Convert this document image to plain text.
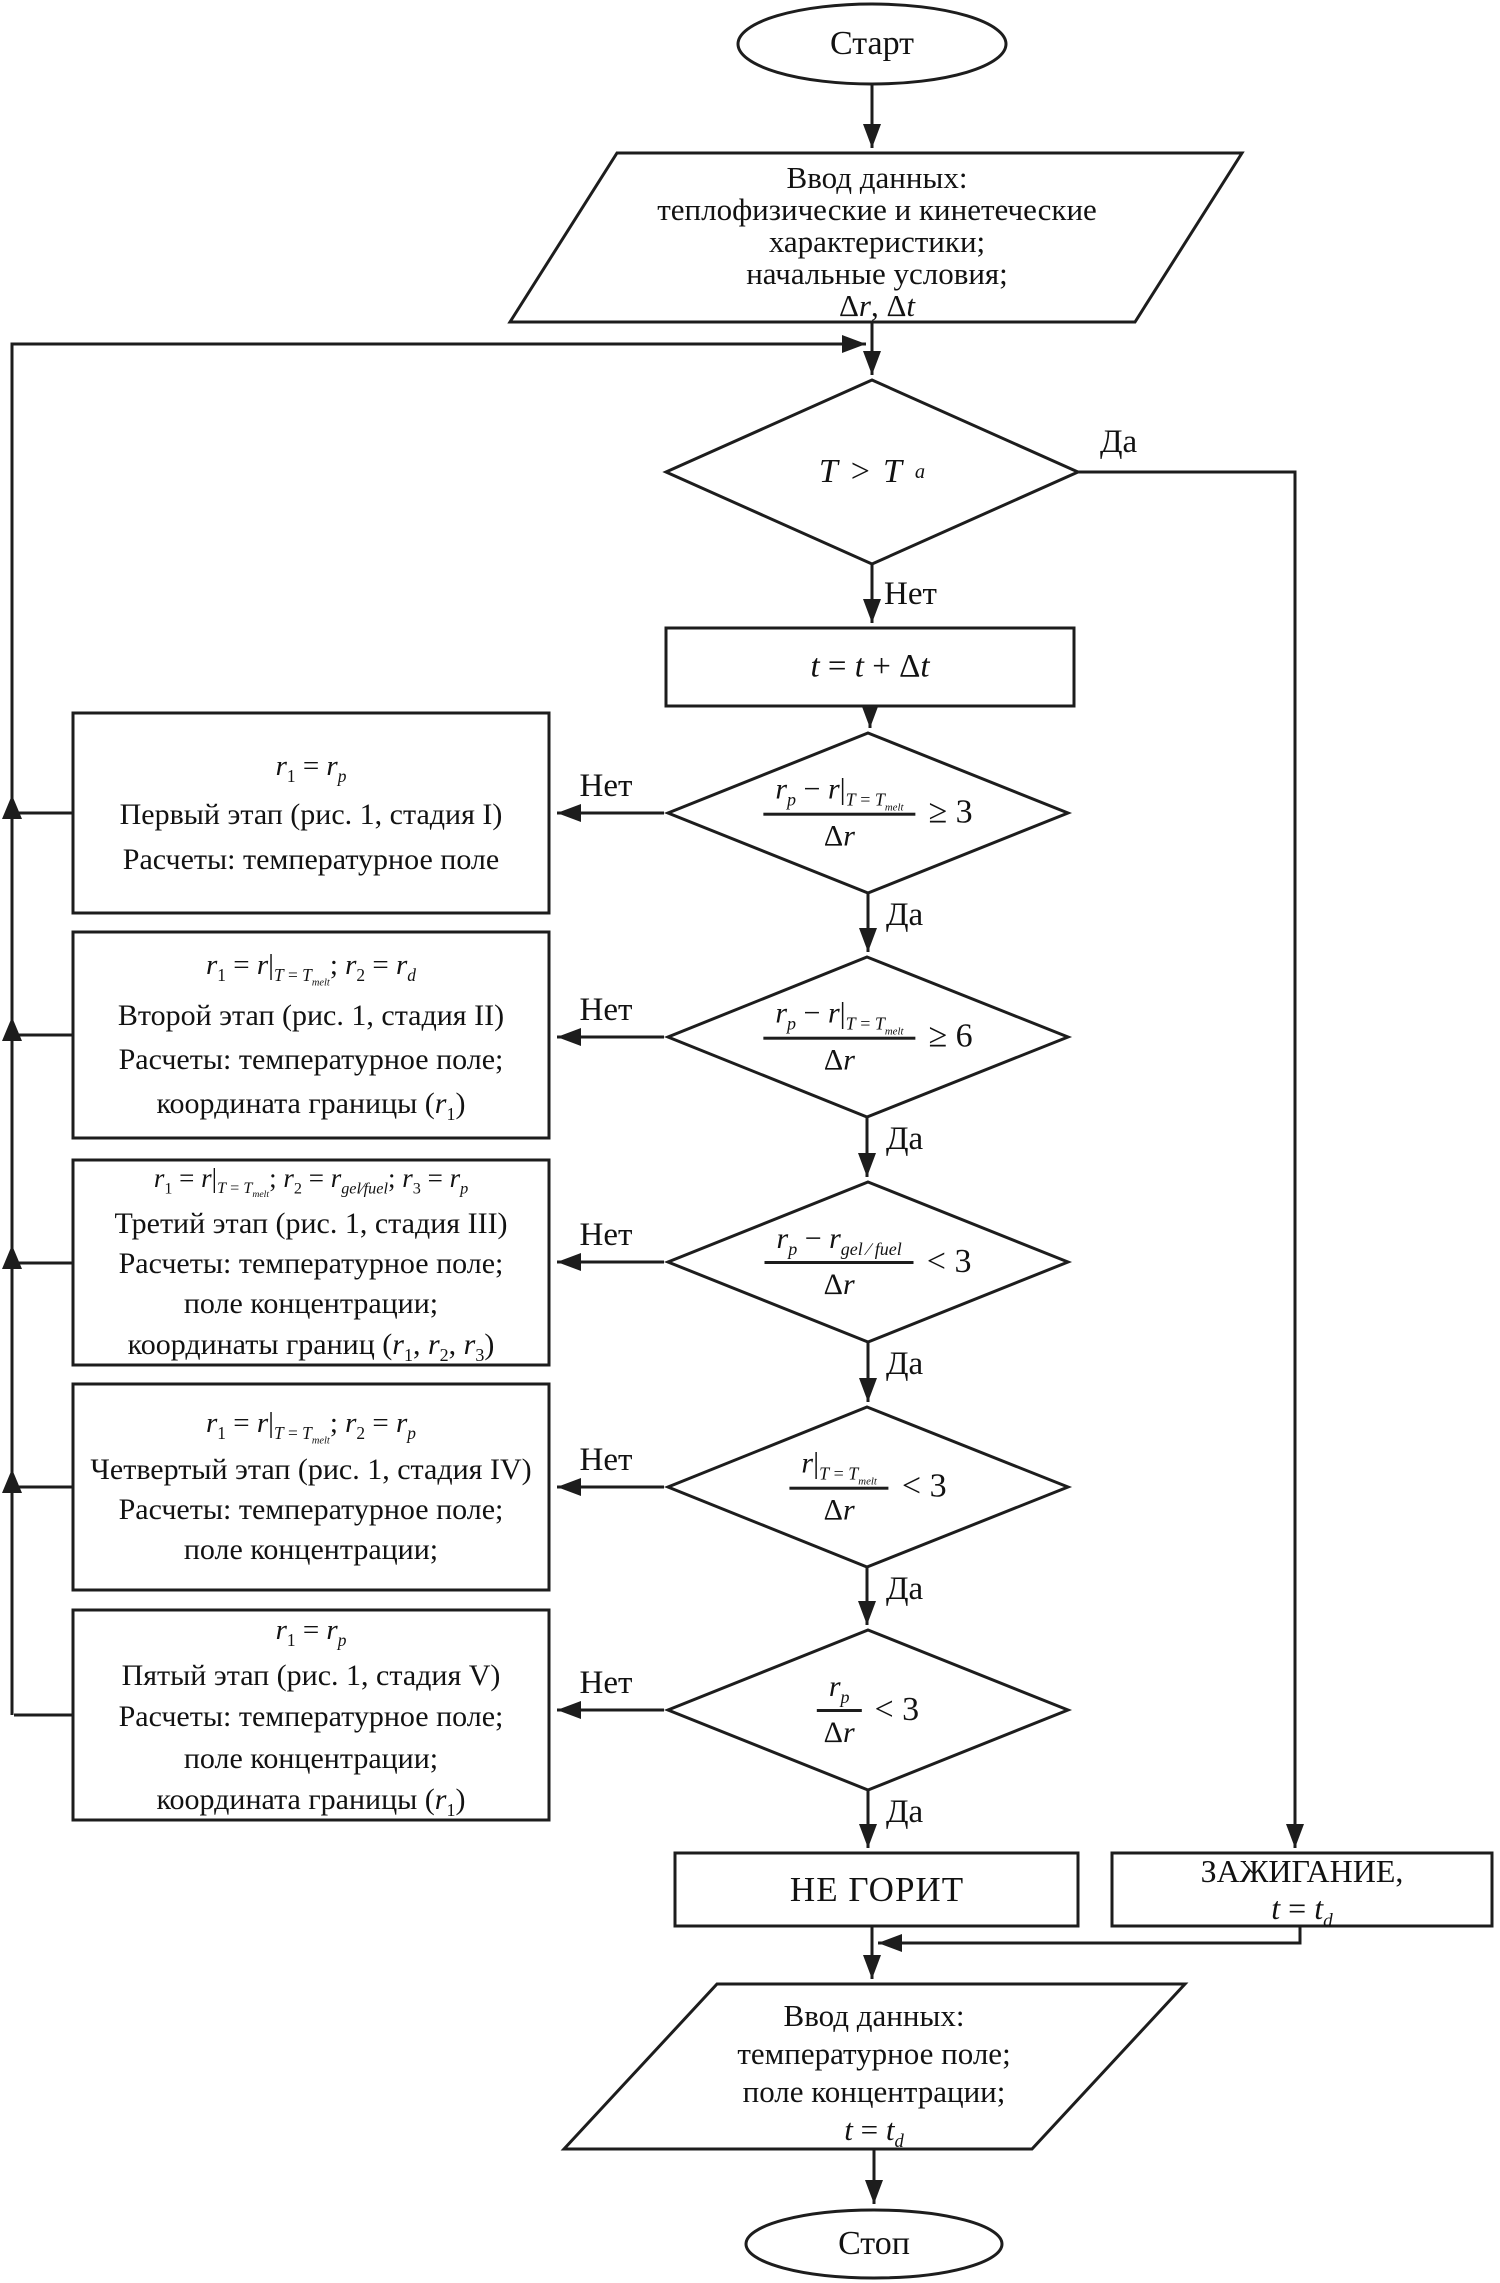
Старт
Ввод данных:
теплофизические и кинетеческие
характеристики;
начальные условия;
Δr, Δt
T > T a
Да
Нет
t = t + Δt
$\frac{r_p - r|_{T = T_{melt}}}{\Delta r} \ge 3$
Нет
Да
$\frac{r_p - r|_{T = T_{melt}}}{\Delta r} \ge 6$
Нет
Да
$\frac{r_p - r_{gel ∕ fuel}}{\Delta r} < 3$
Нет
Да
$\frac{r|_{T = T_{melt}}}{\Delta r} < 3$
Нет
Да
$\frac{r_p}{\Delta r} < 3$
Нет
Да
$r_1 = r_p$
Первый этап (рис. 1, стадия I)
Расчеты: температурное поле
$r_1 = r|_{T = T_{melt}}$; $r_2 = r_d$
Второй этап (рис. 1, стадия II)
Расчеты: температурное поле;
координата границы $(r_1)$
$r_1 = r|_{T = T_{melt}}$; $r_2 = r_{gel∕fuel}$; $r_3 = r_p$
Третий этап (рис. 1, стадия III)
Расчеты: температурное поле;
поле концентрации;
координаты границ ($r_1$, $r_2$, $r_3$)
$r_1 = r|_{T = T_{melt}}$; $r_2 = r_p$
Четвертый этап (рис. 1, стадия IV)
Расчеты: температурное поле;
поле концентрации;
$r_1 = r_p$
Пятый этап (рис. 1, стадия V)
Расчеты: температурное поле;
поле концентрации;
координата границы $(r_1)$
НЕ ГОРИТ	ЗАЖИГАНИЕ, $t = t_d$
Ввод данных:
температурное поле;
поле концентрации;
$t = t_d$
Стоп
